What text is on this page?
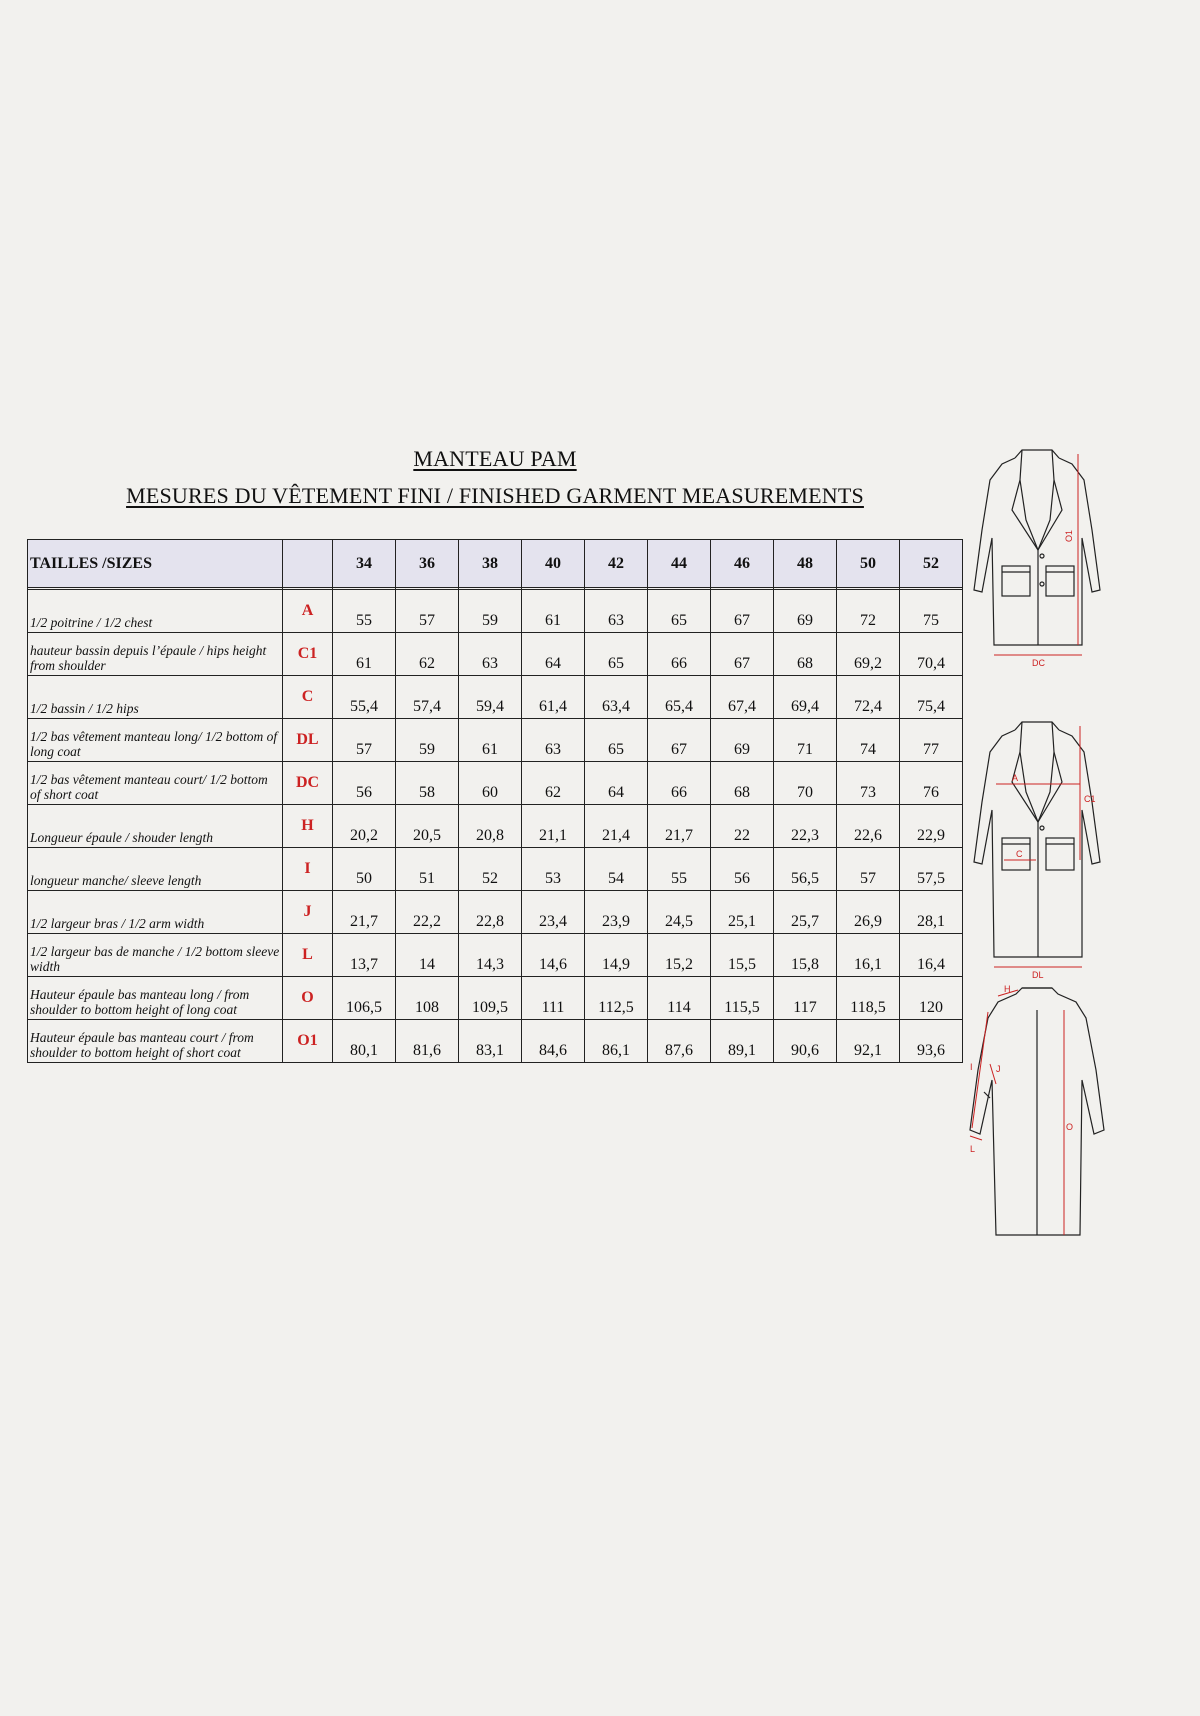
MANTEAU PAM
MESURES DU VÊTEMENT FINI / FINISHED GARMENT MEASUREMENTS
TAILLES /SIZES		34	36	38	40	42	44	46	48	50	52

1/2 poitrine / 1/2 chest	A	55	57	59	61	63	65	67	69	72	75
hauteur bassin depuis l’épaule / hips height from shoulder	C1	61	62	63	64	65	66	67	68	69,2	70,4
1/2 bassin / 1/2 hips	C	55,4	57,4	59,4	61,4	63,4	65,4	67,4	69,4	72,4	75,4
1/2 bas vêtement manteau long/ 1/2 bottom of long coat	DL	57	59	61	63	65	67	69	71	74	77
1/2 bas vêtement manteau court/ 1/2 bottom of short coat	DC	56	58	60	62	64	66	68	70	73	76
Longueur épaule / shouder length	H	20,2	20,5	20,8	21,1	21,4	21,7	22	22,3	22,6	22,9
longueur manche/ sleeve length	I	50	51	52	53	54	55	56	56,5	57	57,5
1/2 largeur bras / 1/2 arm width	J	21,7	22,2	22,8	23,4	23,9	24,5	25,1	25,7	26,9	28,1
1/2 largeur bas de manche / 1/2 bottom sleeve width	L	13,7	14	14,3	14,6	14,9	15,2	15,5	15,8	16,1	16,4
Hauteur épaule bas manteau long / from shoulder to bottom height of long coat	O	106,5	108	109,5	111	112,5	114	115,5	117	118,5	120
Hauteur épaule bas manteau court / from shoulder to bottom height of short coat	O1	80,1	81,6	83,1	84,6	86,1	87,6	89,1	90,6	92,1	93,6
O1
DC
A
C1
C
DL
H
I	J
L
O
